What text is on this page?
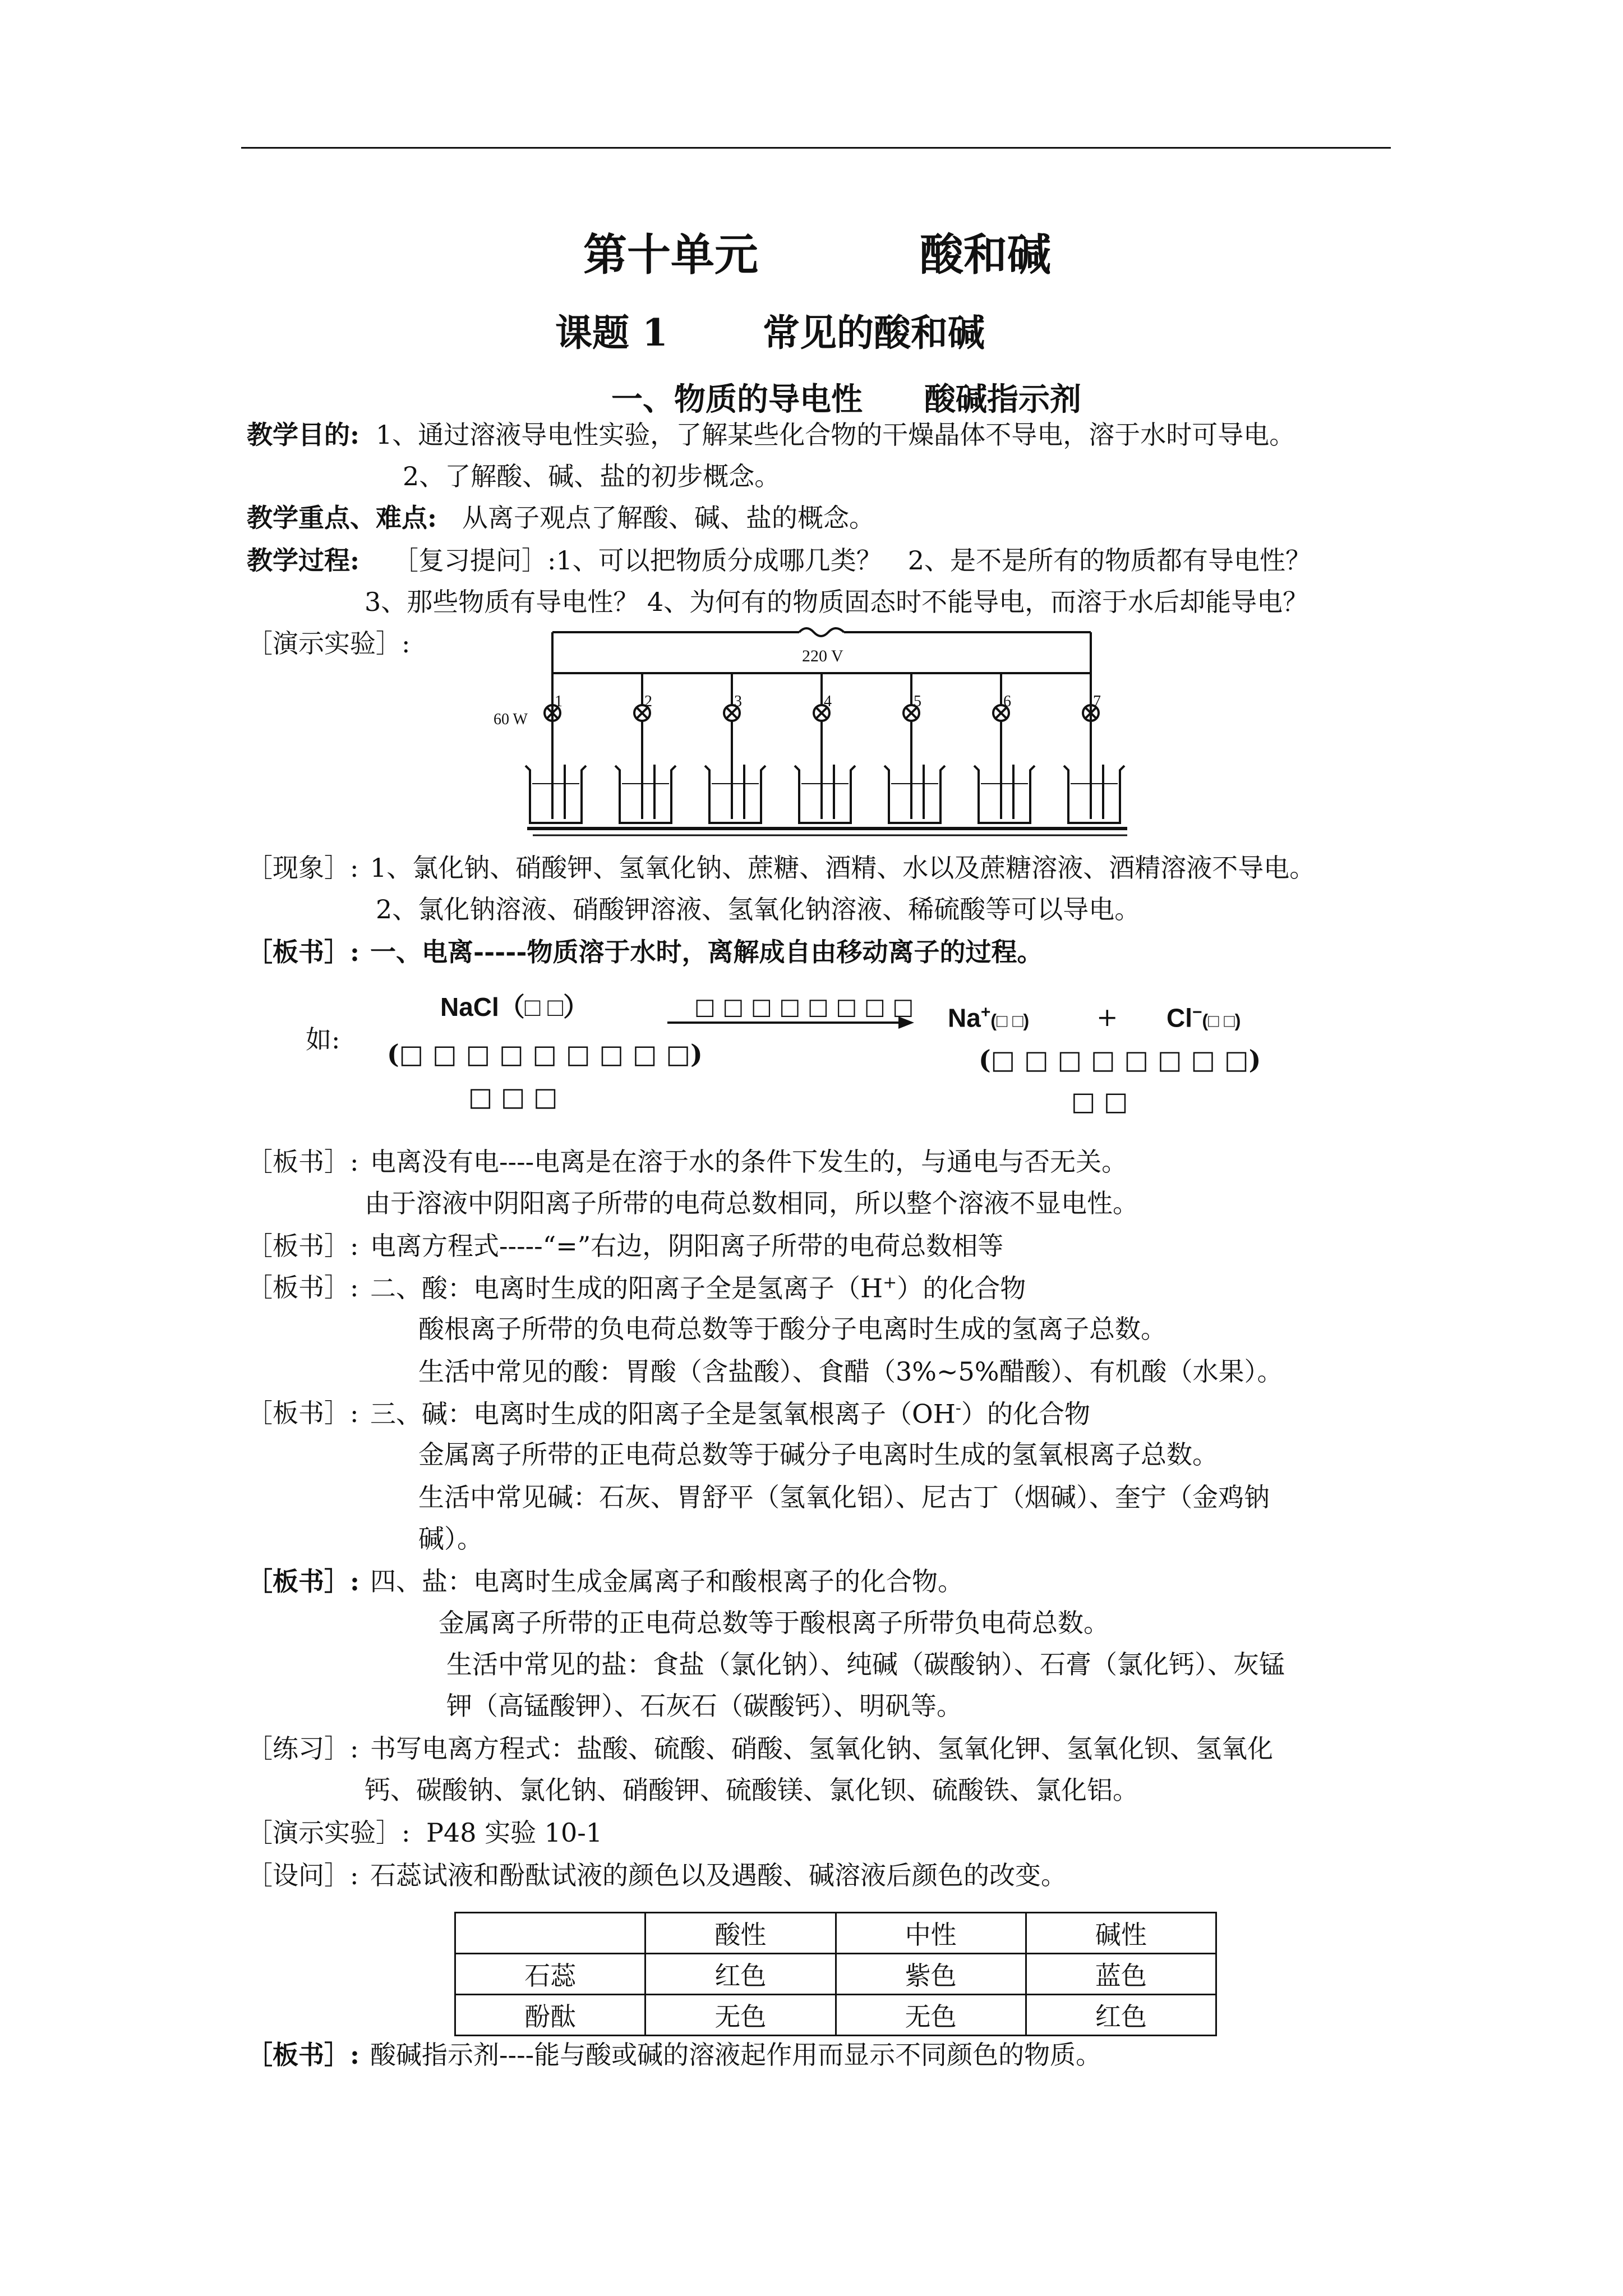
第十单元	酸和碱
课题 1	常见的酸和碱
一、物质的导电性 酸碱指示剂
教学目的: 1、通过溶液导电性实验，了解某些化合物的干燥晶体不导电，溶于水时可导电。
2、了解酸、碱、盐的初步概念。
教学重点、难点: 从离子观点了解酸、碱、盐的概念。
教学过程: ［复习提问］:1、可以把物质分成哪几类？　2、是不是所有的物质都有导电性？
3、那些物质有导电性？ 4、为何有的物质固态时不能导电，而溶于水后却能导电？
［演示实验］:
1	2	3	4	5	6	7
220 V
60 W
［现象］: 1、氯化钠、硝酸钾、氢氧化钠、蔗糖、酒精、水以及蔗糖溶液、酒精溶液不导电。
2、氯化钠溶液、硝酸钾溶液、氢氧化钠溶液、稀硫酸等可以导电。
［板书］: 一、电离-----物质溶于水时，离解成自由移动离子的过程。
如:
NaCl（□ □）
(□ □ □ □ □ □ □ □ □)
□ □ □
□ □ □ □ □ □ □ □ Na+(□ □)	+ Cl−(□ □)
(□ □ □ □ □ □ □ □)
□ □
［板书］: 电离没有电----电离是在溶于水的条件下发生的，与通电与否无关。
由于溶液中阴阳离子所带的电荷总数相同，所以整个溶液不显电性。
［板书］: 电离方程式-----“=”右边，阴阳离子所带的电荷总数相等
［板书］: 二、酸：电离时生成的阳离子全是氢离子（H+）的化合物
酸根离子所带的负电荷总数等于酸分子电离时生成的氢离子总数。
生活中常见的酸：胃酸（含盐酸）、食醋（3%~5%醋酸）、有机酸（水果）。
［板书］: 三、碱：电离时生成的阳离子全是氢氧根离子（OH-）的化合物
金属离子所带的正电荷总数等于碱分子电离时生成的氢氧根离子总数。
生活中常见碱：石灰、胃舒平（氢氧化铝）、尼古丁（烟碱）、奎宁（金鸡钠
碱）。
［板书］: 四、盐：电离时生成金属离子和酸根离子的化合物。
金属离子所带的正电荷总数等于酸根离子所带负电荷总数。
生活中常见的盐：食盐（氯化钠）、纯碱（碳酸钠）、石膏（氯化钙）、灰锰
钾（高锰酸钾）、石灰石（碳酸钙）、明矾等。
［练习］: 书写电离方程式：盐酸、硫酸、硝酸、氢氧化钠、氢氧化钾、氢氧化钡、氢氧化
钙、碳酸钠、氯化钠、硝酸钾、硫酸镁、氯化钡、硫酸铁、氯化铝。
［演示实验］: P48 实验 10-1
［设问］: 石蕊试液和酚酞试液的颜色以及遇酸、碱溶液后颜色的改变。
	酸性	中性	碱性
石蕊	红色	紫色	蓝色
酚酞	无色	无色	红色
［板书］: 酸碱指示剂----能与酸或碱的溶液起作用而显示不同颜色的物质。
